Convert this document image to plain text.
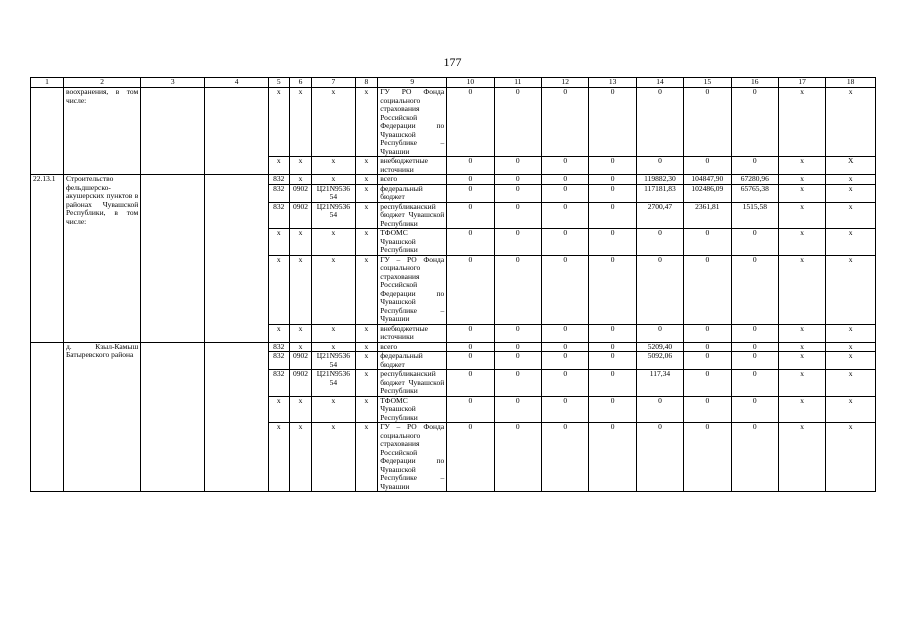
177
1	2	3	4	5	6	7	8	9	10	11	12	13	14	15	16	17	18
	воохранения, в том числе:			x	x	x	x	ГУ РО Фонда социального страхования Российской Федерации по Чувашской Республике – Чувашии	0	0	0	0	0	0	0	x	x
				x	x	x	x	внебюджетные источники	0	0	0	0	0	0	0	x	X
22.13.1	Строительство фельдшерско-акушерских пунктов в районах Чувашской Республики, в том числе:			832	x	x	x	всего	0	0	0	0	119882,30	104847,90	67280,96	x	x
				832	0902	Ц21N9536 54	x	федеральный бюджет	0	0	0	0	117181,83	102486,09	65765,38	x	x
				832	0902	Ц21N9536 54	x	республиканский бюджет Чувашской Республики	0	0	0	0	2700,47	2361,81	1515,58	x	x
				x	x	x	x	ТФОМС Чувашской Республики	0	0	0	0	0	0	0	x	x
				x	x	x	x	ГУ – РО Фонда социального страхования Российской Федерации по Чувашской Республике – Чувашии	0	0	0	0	0	0	0	x	x
				x	x	x	x	внебюджетные источники	0	0	0	0	0	0	0	x	x
	д. Кзыл-Камыш Батыревского района			832	x	x	x	всего	0	0	0	0	5209,40	0	0	x	x
				832	0902	Ц21N9536 54	x	федеральный бюджет	0	0	0	0	5092,06	0	0	x	x
				832	0902	Ц21N9536 54	x	республиканский бюджет Чувашской Республики	0	0	0	0	117,34	0	0	x	x
				x	x	x	x	ТФОМС Чувашской Республики	0	0	0	0	0	0	0	x	x
				x	x	x	x	ГУ – РО Фонда социального страхования Российской Федерации по Чувашской Республике – Чувашии	0	0	0	0	0	0	0	x	x
